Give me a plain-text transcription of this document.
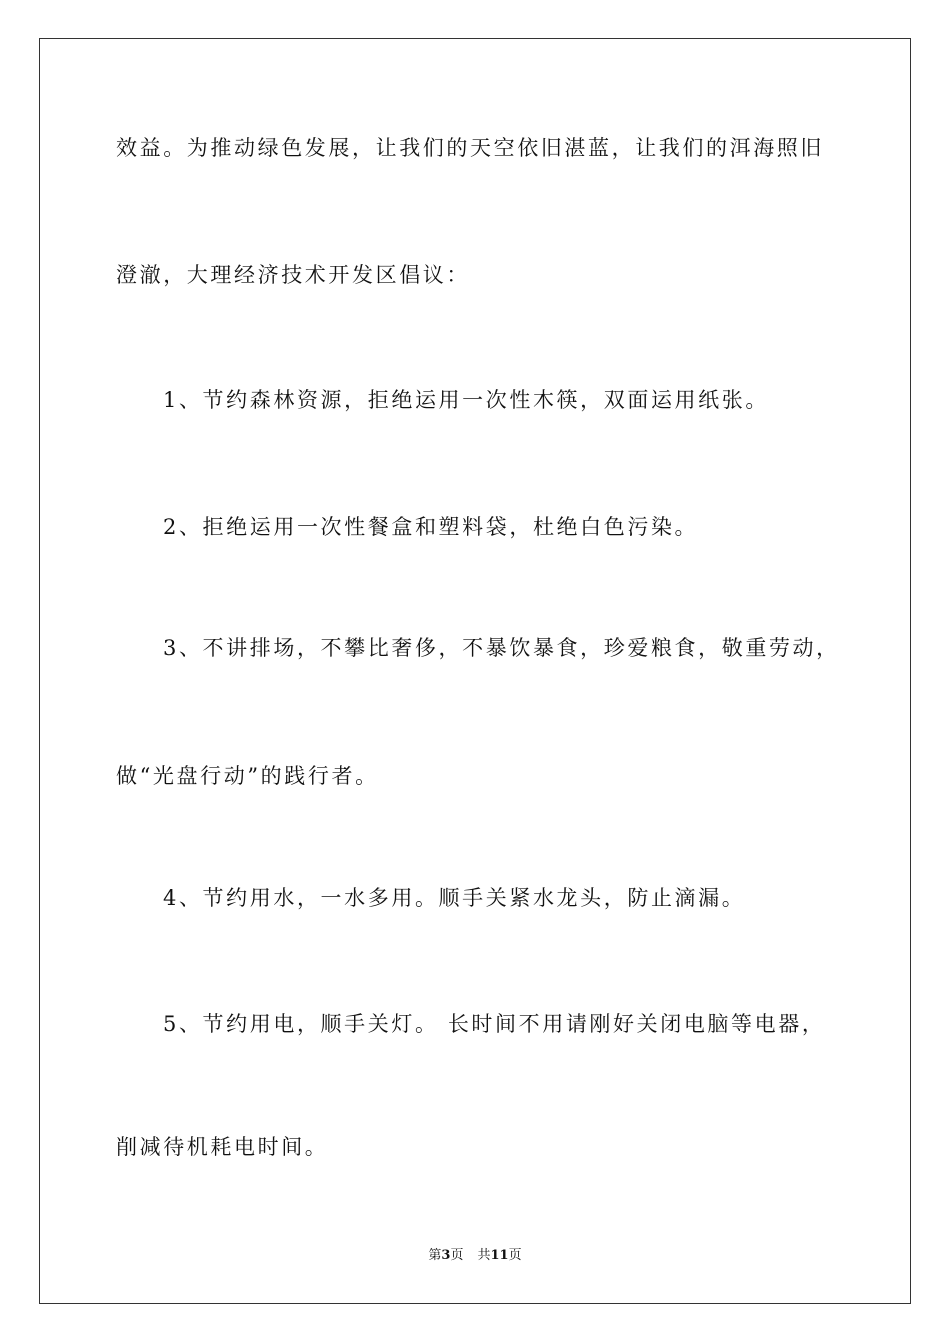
效益。为推动绿色发展，让我们的天空依旧湛蓝，让我们的洱海照旧
澄澈，大理经济技术开发区倡议：
1、节约森林资源，拒绝运用一次性木筷，双面运用纸张。
2、拒绝运用一次性餐盒和塑料袋，杜绝白色污染。
3、不讲排场，不攀比奢侈，不暴饮暴食，珍爱粮食，敬重劳动，
做“光盘行动”的践行者。
4、节约用水，一水多用。顺手关紧水龙头，防止滴漏。
5、节约用电，顺手关灯。 长时间不用请刚好关闭电脑等电器，
削减待机耗电时间。
第3页 共11页
